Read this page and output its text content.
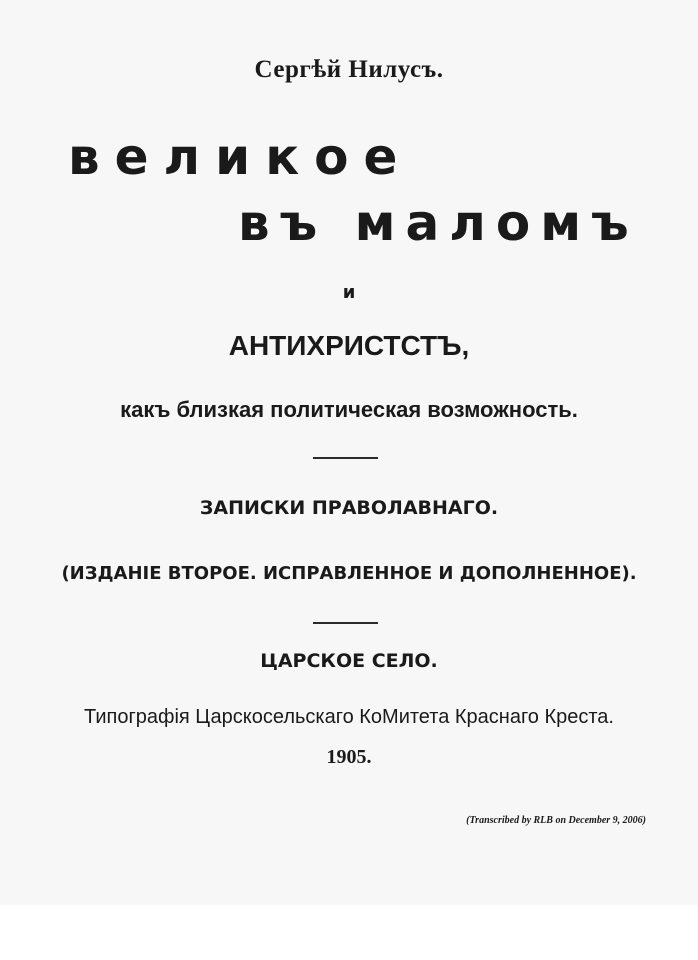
Сергѣй Нилусъ.
великое
въ маломъ
и
АНТИХРИСТСТЪ,
какъ близкая политическая возможность.
ЗАПИСКИ ПРАВОЛАВНАГО.
(ИЗДАНІЕ ВТОРОЕ. ИСПРАВЛЕННОЕ И ДОПОЛНЕННОЕ).
ЦАРСКОЕ СЕЛО.
Типографія Царскосельскаго КоМитета Краснаго Креста.
1905.
(Transcribed by RLB on December 9, 2006)
